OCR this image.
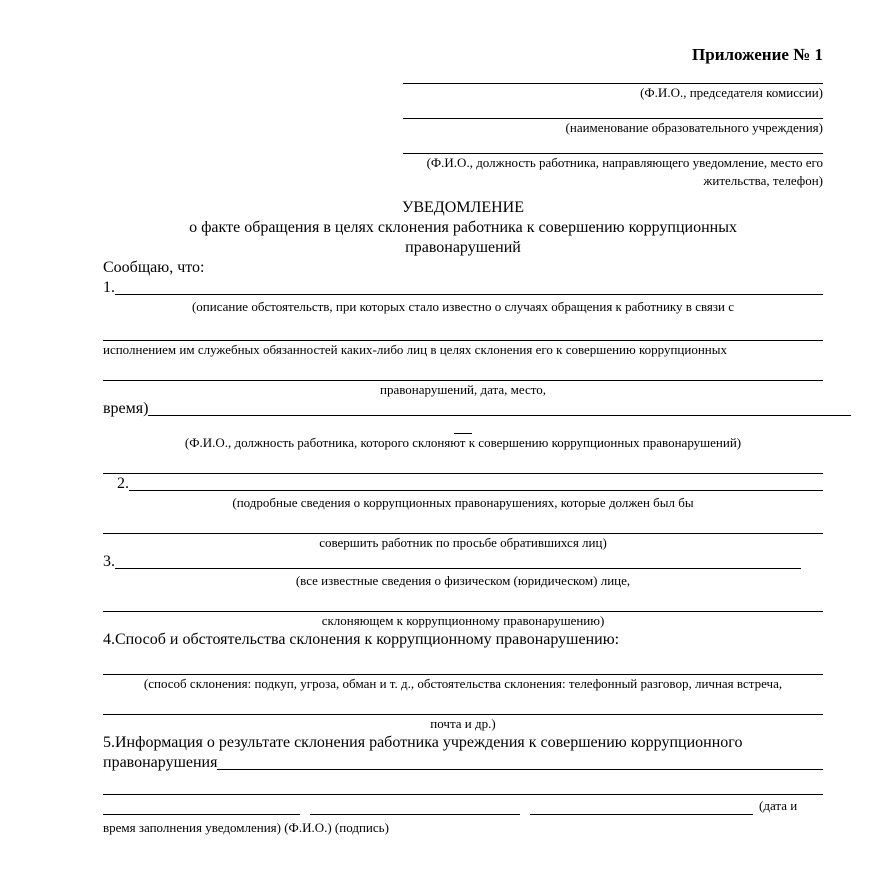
Приложение № 1
(Ф.И.О., председателя комиссии)
(наименование образовательного учреждения)
(Ф.И.О., должность работника, направляющего уведомление, место его жительства, телефон)
УВЕДОМЛЕНИЕ
о факте обращения в целях склонения работника к совершению коррупционных
правонарушений
Сообщаю, что:
1.
(описание обстоятельств, при которых стало известно о случаях обращения к работнику в связи с
исполнением им служебных обязанностей каких-либо лиц в целях склонения его к совершению коррупционных
правонарушений, дата, место,
время)
(Ф.И.О., должность работника, которого склоняют к совершению коррупционных правонарушений)
2.
(подробные сведения о коррупционных правонарушениях, которые должен был бы
совершить работник по просьбе обратившихся лиц)
3.
(все известные сведения о физическом (юридическом) лице,
склоняющем к коррупционному правонарушению)
4.Способ и обстоятельства склонения к коррупционному правонарушению:
(способ склонения: подкуп, угроза, обман и т. д., обстоятельства склонения: телефонный разговор, личная встреча,
почта и др.)
5.Информация о результате склонения работника учреждения к совершению коррупционного
правонарушения
(дата и
время заполнения уведомления) (Ф.И.О.) (подпись)
